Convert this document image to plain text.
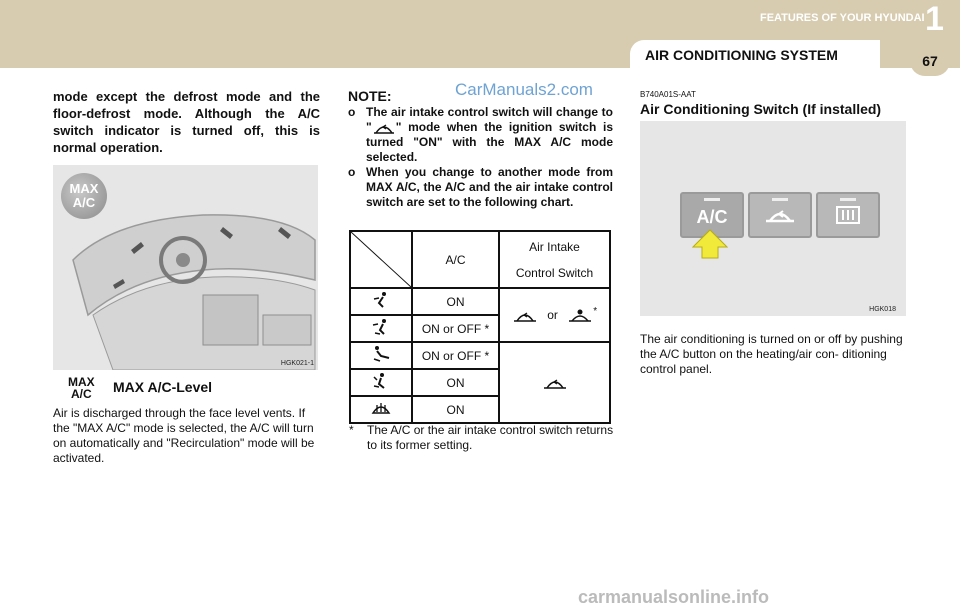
FEATURES OF YOUR HYUNDAI 1
AIR CONDITIONING SYSTEM	67
CarManuals2.com
mode except the defrost mode and the floor-defrost mode. Although the A/C switch indicator is turned off, this is normal operation.
MAX
A/C
HGK021-1
MAX
A/C MAX A/C-Level
Air is discharged through the face level vents. If the "MAX A/C" mode is selected, the A/C will turn on automatically and "Recirculation" mode will be activated.
NOTE:
o The air intake control switch will change to " " mode when the ignition switch is turned "ON" with the MAX A/C mode selected.
o When you change to another mode from MAX A/C, the A/C and the air intake control switch are set to the following chart.
	A/C	Air Intake
Control Switch

	ON	or *
	ON or OFF *	
	ON or OFF *	
	ON	
	ON	
*	The A/C or the air intake control switch returns to its former setting.
B740A01S-AAT
Air Conditioning Switch (If installed)
A/C
HGK018
The air conditioning is turned on or off by pushing the A/C button on the heating/air con- ditioning control panel.
carmanualsonline.info
